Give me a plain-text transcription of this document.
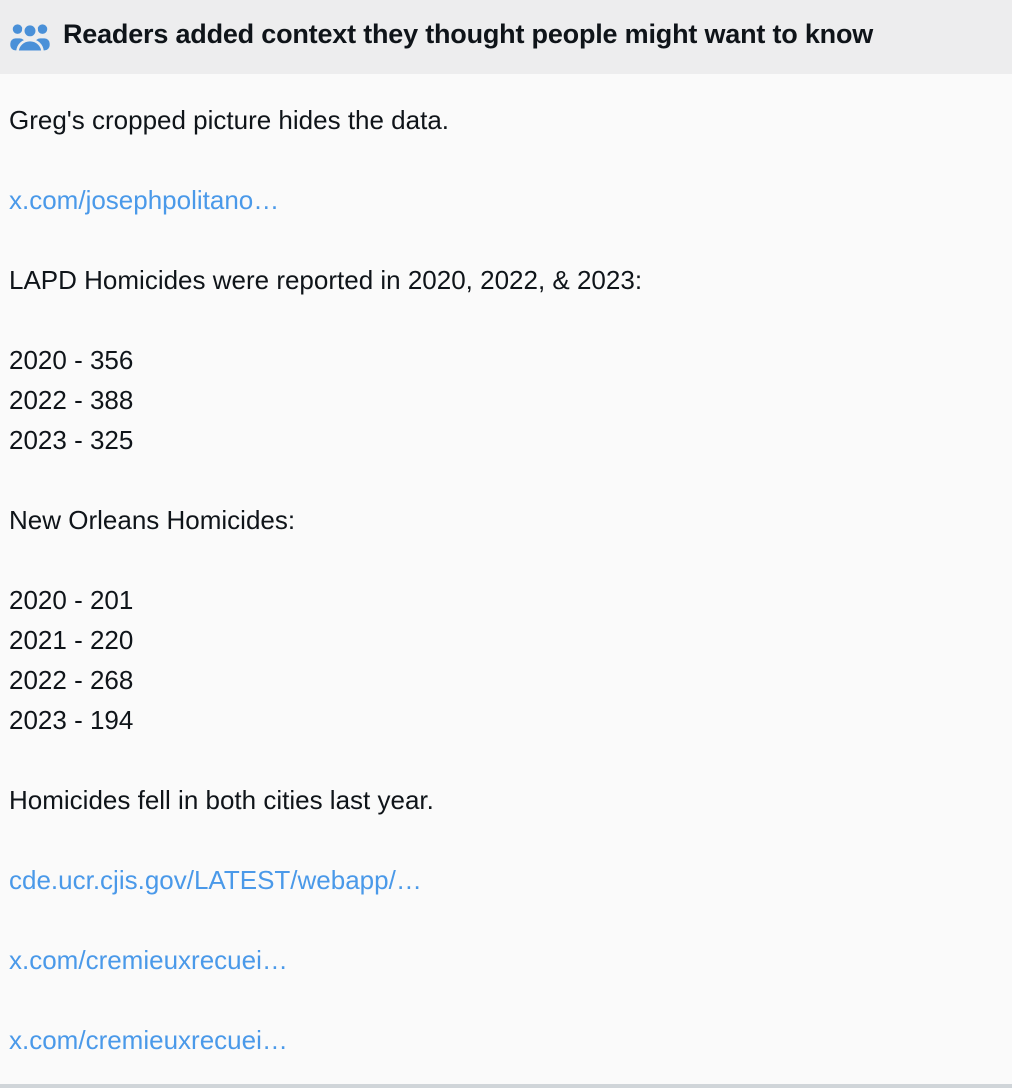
Readers added context they thought people might want to know
Greg's cropped picture hides the data.
x.com/josephpolitano…
LAPD Homicides were reported in 2020, 2022, & 2023:
2020 - 356
2022 - 388
2023 - 325
New Orleans Homicides:
2020 - 201
2021 - 220
2022 - 268
2023 - 194
Homicides fell in both cities last year.
cde.ucr.cjis.gov/LATEST/webapp/…
x.com/cremieuxrecuei…
x.com/cremieuxrecuei…
